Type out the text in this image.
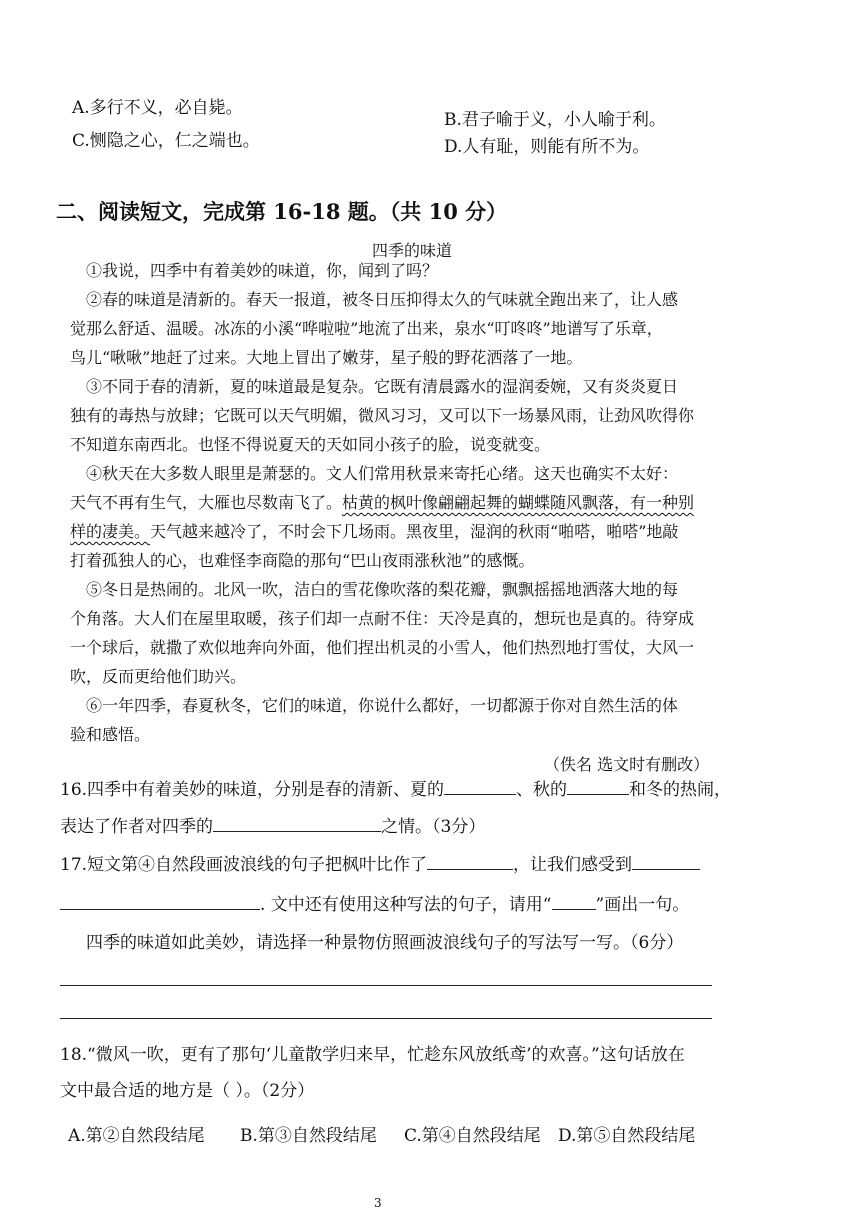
A.多行不义，必自毙。
B.君子喻于义，小人喻于利。
C.恻隐之心，仁之端也。	D.人有耻，则能有所不为。
二、阅读短文，完成第 16-18 题。（共 10 分）
四季的味道
①我说，四季中有着美妙的味道，你，闻到了吗？
②春的味道是清新的。春天一报道，被冬日压抑得太久的气味就全跑出来了，让人感
觉那么舒适、温暖。冰冻的小溪“哗啦啦”地流了出来，泉水“叮咚咚”地谱写了乐章，
鸟儿“啾啾”地赶了过来。大地上冒出了嫩芽，星子般的野花洒落了一地。
③不同于春的清新，夏的味道最是复杂。它既有清晨露水的湿润委婉，又有炎炎夏日
独有的毒热与放肆；它既可以天气明媚，微风习习，又可以下一场暴风雨，让劲风吹得你
不知道东南西北。也怪不得说夏天的天如同小孩子的脸，说变就变。
④秋天在大多数人眼里是萧瑟的。文人们常用秋景来寄托心绪。这天也确实不太好：
天气不再有生气，大雁也尽数南飞了。枯黄的枫叶像翩翩起舞的蝴蝶随风飘落，有一种别
样的凄美。天气越来越冷了，不时会下几场雨。黑夜里，湿润的秋雨“啪嗒，啪嗒”地敲
打着孤独人的心，也难怪李商隐的那句“巴山夜雨涨秋池”的感慨。
⑤冬日是热闹的。北风一吹，洁白的雪花像吹落的梨花瓣，飘飘摇摇地洒落大地的每
个角落。大人们在屋里取暖，孩子们却一点耐不住：天冷是真的，想玩也是真的。待穿成
一个球后，就撒了欢似地奔向外面，他们捏出机灵的小雪人，他们热烈地打雪仗，大风一
吹，反而更给他们助兴。
⑥一年四季，春夏秋冬，它们的味道，你说什么都好，一切都源于你对自然生活的体
验和感悟。
（佚名 选文时有删改）
16.四季中有着美妙的味道，分别是春的清新、夏的	、秋的	和冬的热闹，
表达了作者对四季的	之情。（3分）
17.短文第④自然段画波浪线的句子把枫叶比作了	，让我们感受到
. 文中还有使用这种写法的句子，请用“	”画出一句。
四季的味道如此美妙，请选择一种景物仿照画波浪线句子的写法写一写。（6分）
18.“微风一吹，更有了那句‘儿童散学归来早，忙趁东风放纸鸢’的欢喜。”这句话放在
文中最合适的地方是（ ）。（2分）
A.第②自然段结尾 B.第③自然段结尾 C.第④自然段结尾 D.第⑤自然段结尾
3
